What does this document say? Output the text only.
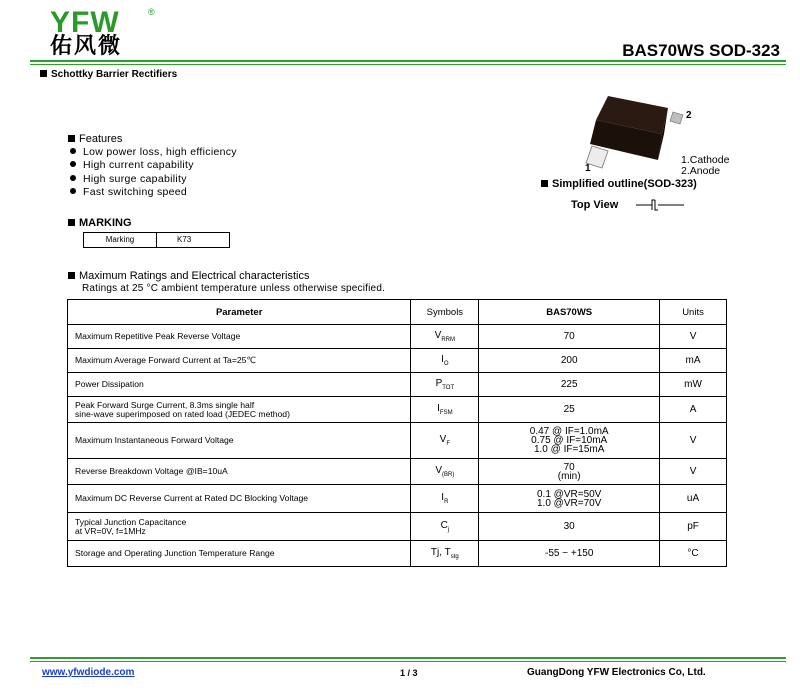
YFW	®
佑风微	BAS70WS SOD-323
Schottky Barrier Rectifiers
Features
Low power loss, high efficiency
High current capability
High surge capability
Fast switching speed
MARKING
Marking	K73
2
1
1.Cathode
2.Anode
Simplified outline(SOD-323)
Top View
Maximum Ratings and Electrical characteristics
Ratings at 25 °C ambient temperature unless otherwise specified.
Parameter	Symbols	BAS70WS	Units

Maximum Repetitive Peak Reverse Voltage	$V_{RRM}$	70	V

Maximum Average Forward Current at Ta=25℃	$I_O$	200	mA

Power Dissipation	$P_{TOT}$	225	mW

Peak Forward Surge Current, 8.3ms single half
sine-wave superimposed on rated load (JEDEC method)	$I_{FSM}$	25	A

Maximum Instantaneous Forward Voltage	$V_F$	0.47 @ IF=1.0mA
0.75 @ IF=10mA
1.0 @ IF=15mA	V

Reverse Breakdown Voltage @IB=10uA	$V_{(BR)}$	70
(min)	V

Maximum DC Reverse Current at Rated DC Blocking Voltage	$I_R$	0.1 @VR=50V
1.0 @VR=70V	uA

Typical Junction Capacitance
at VR=0V, f=1MHz	$C_j$	30	pF

Storage and Operating Junction Temperature Range	Tj, $T_{stg}$	-55 ~ +150	°C
www.yfwdiode.com	1 / 3	GuangDong YFW Electronics Co, Ltd.
